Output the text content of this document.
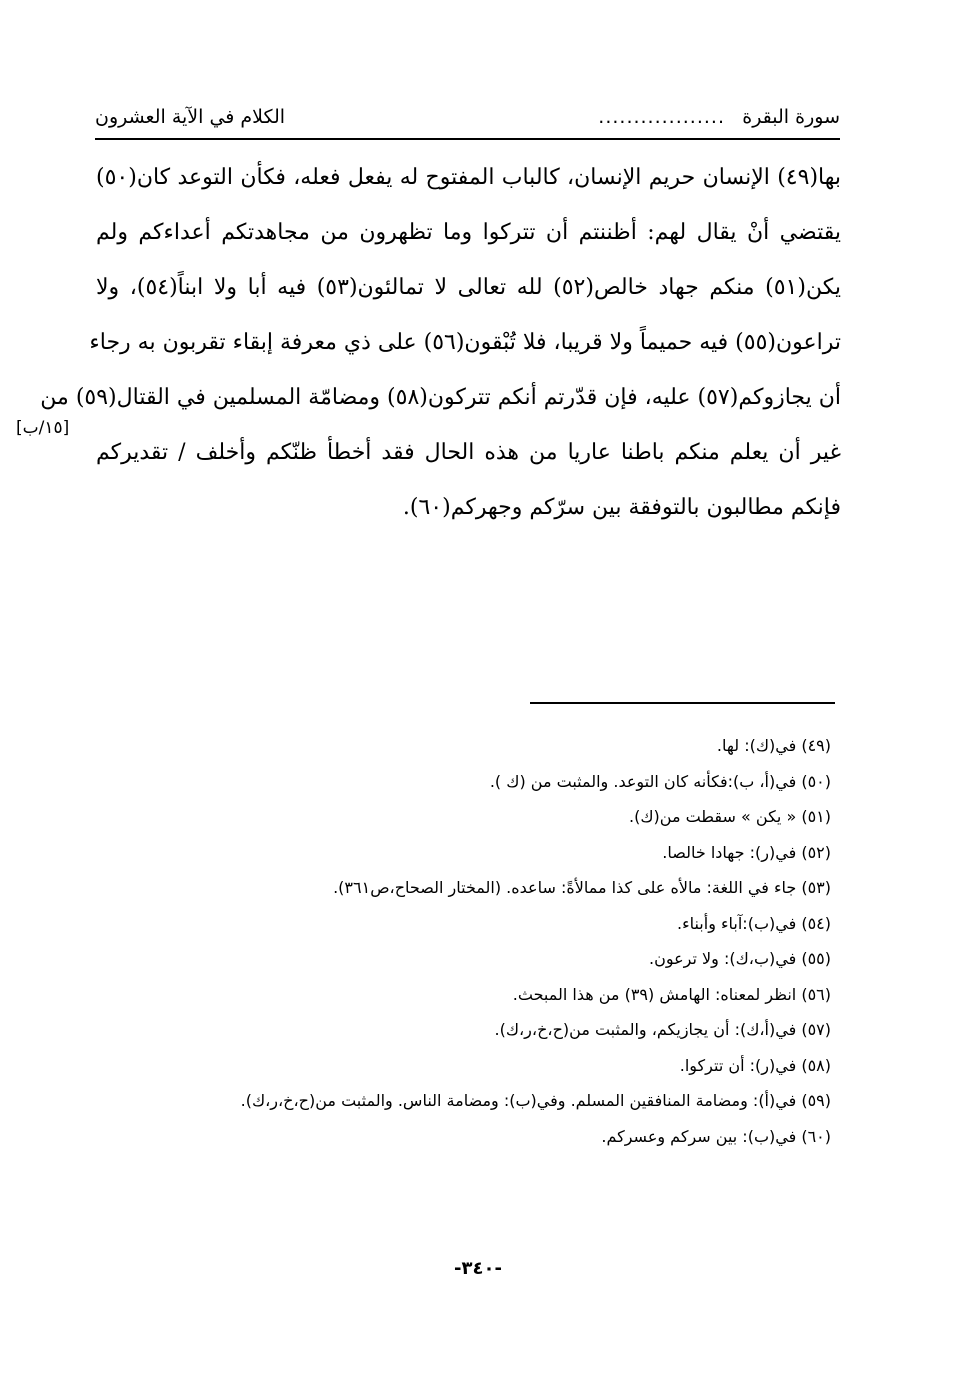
سورة البقرة
..................
الكلام في الآية العشرون
بها(٤٩) الإنسان حريم الإنسان، كالباب المفتوح له يفعل فعله، فكأن التوعد كان(٥٠)
يقتضي أنْ يقال لهم: أظننتم أن تتركوا وما تظهرون من مجاهدتكم أعداءكم ولم
يكن(٥١) منكم جهاد خالص(٥٢) لله تعالى لا تمالئون(٥٣) فيه أبا ولا ابناً(٥٤)، ولا
تراعون(٥٥) فيه حميماً ولا قريبا، فلا تُبْقون(٥٦) على ذي معرفة إبقاء تقربون به رجاء
أن يجازوكم(٥٧) عليه، فإن قدّرتم أنكم تتركون(٥٨) ومضامّة المسلمين في القتال(٥٩) من
غير أن يعلم منكم باطنا عاريا من هذه الحال فقد أخطأ ظنّكم وأخلف / تقديركم
فإنكم مطالبون بالتوفقة بين سرّكم وجهركم(٦٠).
[١٥/ب]
(٤٩) في(ك): لها.
(٥٠) في(أ، ب):فكأنه كان التوعد. والمثبت من (ك ).
(٥١) « يكن » سقطت من(ك).
(٥٢) في(ر): جهادا خالصا.
(٥٣) جاء في اللغة: مالأه على كذا ممالأةً: ساعده. (المختار الصحاح،ص٣٦١).
(٥٤) في(ب):آباء وأبناء.
(٥٥) في(ب،ك): ولا ترعون.
(٥٦) انظر لمعناه: الهامش (٣٩) من هذا المبحث.
(٥٧) في(أ،ك): أن يجازيكم، والمثبت من(ح،خ،ر،ك).
(٥٨) في(ر): أن تتركوا.
(٥٩) في(أ): ومضامة المنافقين المسلم. وفي(ب): ومضامة الناس. والمثبت من(ح،خ،ر،ك).
(٦٠) في(ب): بين سركم وعسركم.
-٣٤٠-
